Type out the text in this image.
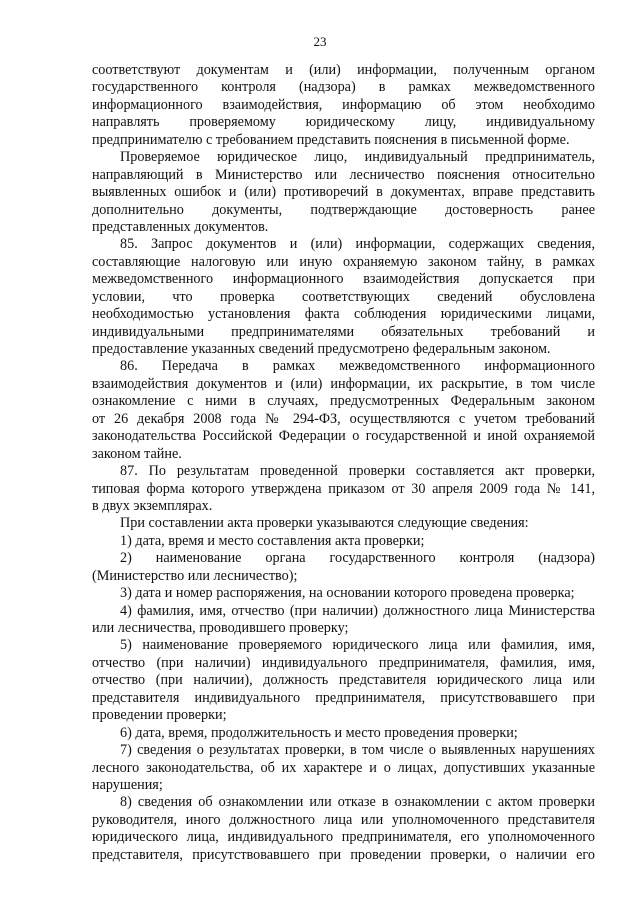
23
соответствуют документам и (или) информации, полученным органом
государственного контроля (надзора) в рамках межведомственного
информационного взаимодействия, информацию об этом необходимо
направлять проверяемому юридическому лицу, индивидуальному
предпринимателю с требованием представить пояснения в письменной форме.
Проверяемое юридическое лицо, индивидуальный предприниматель,
направляющий в Министерство или лесничество пояснения относительно
выявленных ошибок и (или) противоречий в документах, вправе представить
дополнительно документы, подтверждающие достоверность ранее
представленных документов.
85. Запрос документов и (или) информации, содержащих сведения,
составляющие налоговую или иную охраняемую законом тайну, в рамках
межведомственного информационного взаимодействия допускается при
условии, что проверка соответствующих сведений обусловлена
необходимостью установления факта соблюдения юридическими лицами,
индивидуальными предпринимателями обязательных требований и
предоставление указанных сведений предусмотрено федеральным законом.
86. Передача в рамках межведомственного информационного
взаимодействия документов и (или) информации, их раскрытие, в том числе
ознакомление с ними в случаях, предусмотренных Федеральным законом
от 26 декабря 2008 года № 294-ФЗ, осуществляются с учетом требований
законодательства Российской Федерации о государственной и иной охраняемой
законом тайне.
87. По результатам проведенной проверки составляется акт проверки,
типовая форма которого утверждена приказом от 30 апреля 2009 года № 141,
в двух экземплярах.
При составлении акта проверки указываются следующие сведения:
1) дата, время и место составления акта проверки;
2) наименование органа государственного контроля (надзора)
(Министерство или лесничество);
3) дата и номер распоряжения, на основании которого проведена проверка;
4) фамилия, имя, отчество (при наличии) должностного лица Министерства
или лесничества, проводившего проверку;
5) наименование проверяемого юридического лица или фамилия, имя,
отчество (при наличии) индивидуального предпринимателя, фамилия, имя,
отчество (при наличии), должность представителя юридического лица или
представителя индивидуального предпринимателя, присутствовавшего при
проведении проверки;
6) дата, время, продолжительность и место проведения проверки;
7) сведения о результатах проверки, в том числе о выявленных нарушениях
лесного законодательства, об их характере и о лицах, допустивших указанные
нарушения;
8) сведения об ознакомлении или отказе в ознакомлении с актом проверки
руководителя, иного должностного лица или уполномоченного представителя
юридического лица, индивидуального предпринимателя, его уполномоченного
представителя, присутствовавшего при проведении проверки, о наличии его
